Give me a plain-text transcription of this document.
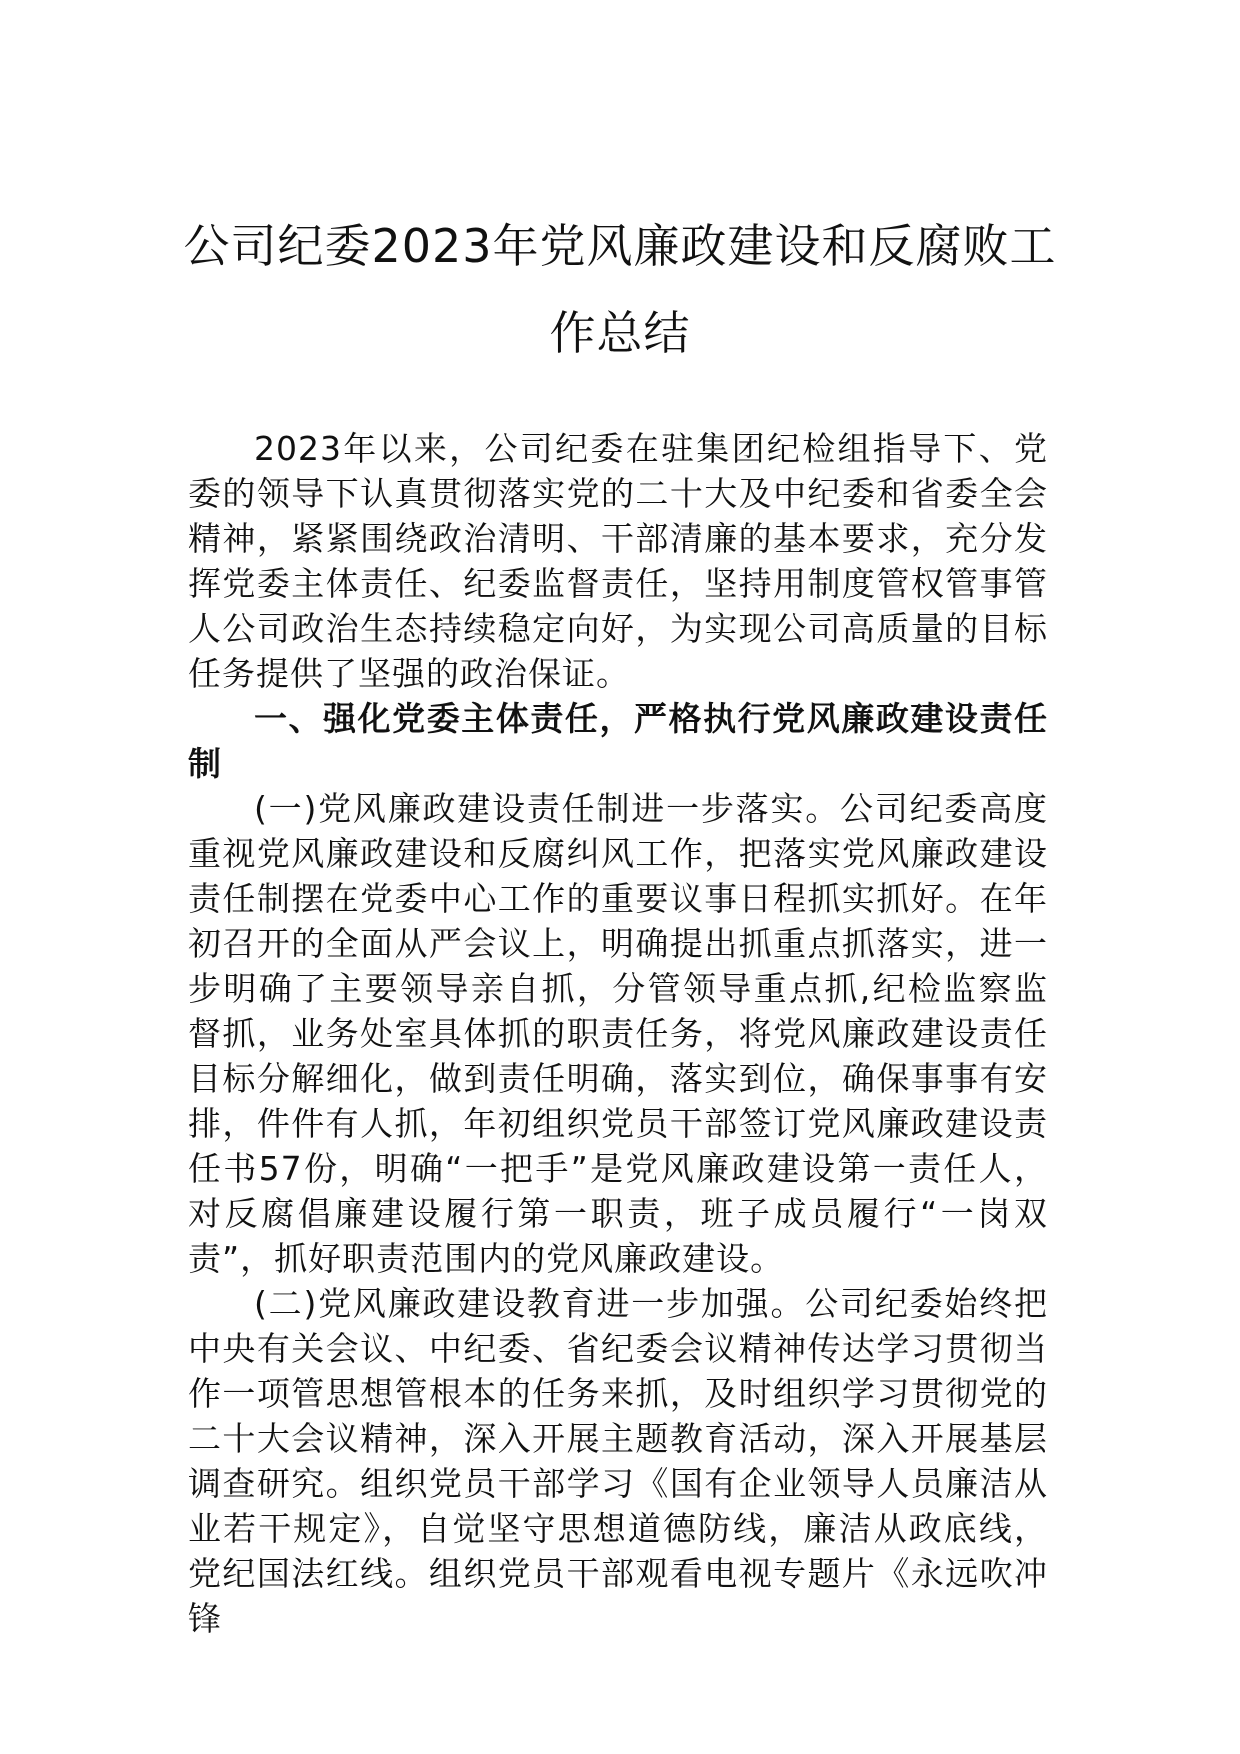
公司纪委2023年党风廉政建设和反腐败工
作总结

2023年以来，公司纪委在驻集团纪检组指导下、党委的领导下认真贯彻落实党的二十大及中纪委和省委全会精神，紧紧围绕政治清明、干部清廉的基本要求，充分发挥党委主体责任、纪委监督责任，坚持用制度管权管事管人公司政治生态持续稳定向好，为实现公司高质量的目标任务提供了坚强的政治保证。

一、强化党委主体责任，严格执行党风廉政建设责任制

(一)党风廉政建设责任制进一步落实。公司纪委高度重视党风廉政建设和反腐纠风工作，把落实党风廉政建设责任制摆在党委中心工作的重要议事日程抓实抓好。在年初召开的全面从严会议上，明确提出抓重点抓落实，进一步明确了主要领导亲自抓，分管领导重点抓,纪检监察监督抓，业务处室具体抓的职责任务，将党风廉政建设责任目标分解细化，做到责任明确，落实到位，确保事事有安排，件件有人抓，年初组织党员干部签订党风廉政建设责任书57份，明确“一把手”是党风廉政建设第一责任人，对反腐倡廉建设履行第一职责，班子成员履行“一岗双责”，抓好职责范围内的党风廉政建设。

(二)党风廉政建设教育进一步加强。公司纪委始终把中央有关会议、中纪委、省纪委会议精神传达学习贯彻当作一项管思想管根本的任务来抓，及时组织学习贯彻党的二十大会议精神，深入开展主题教育活动，深入开展基层调查研究。组织党员干部学习《国有企业领导人员廉洁从业若干规定》，自觉坚守思想道德防线，廉洁从政底线，党纪国法红线。组织党员干部观看电视专题片《永远吹冲锋
